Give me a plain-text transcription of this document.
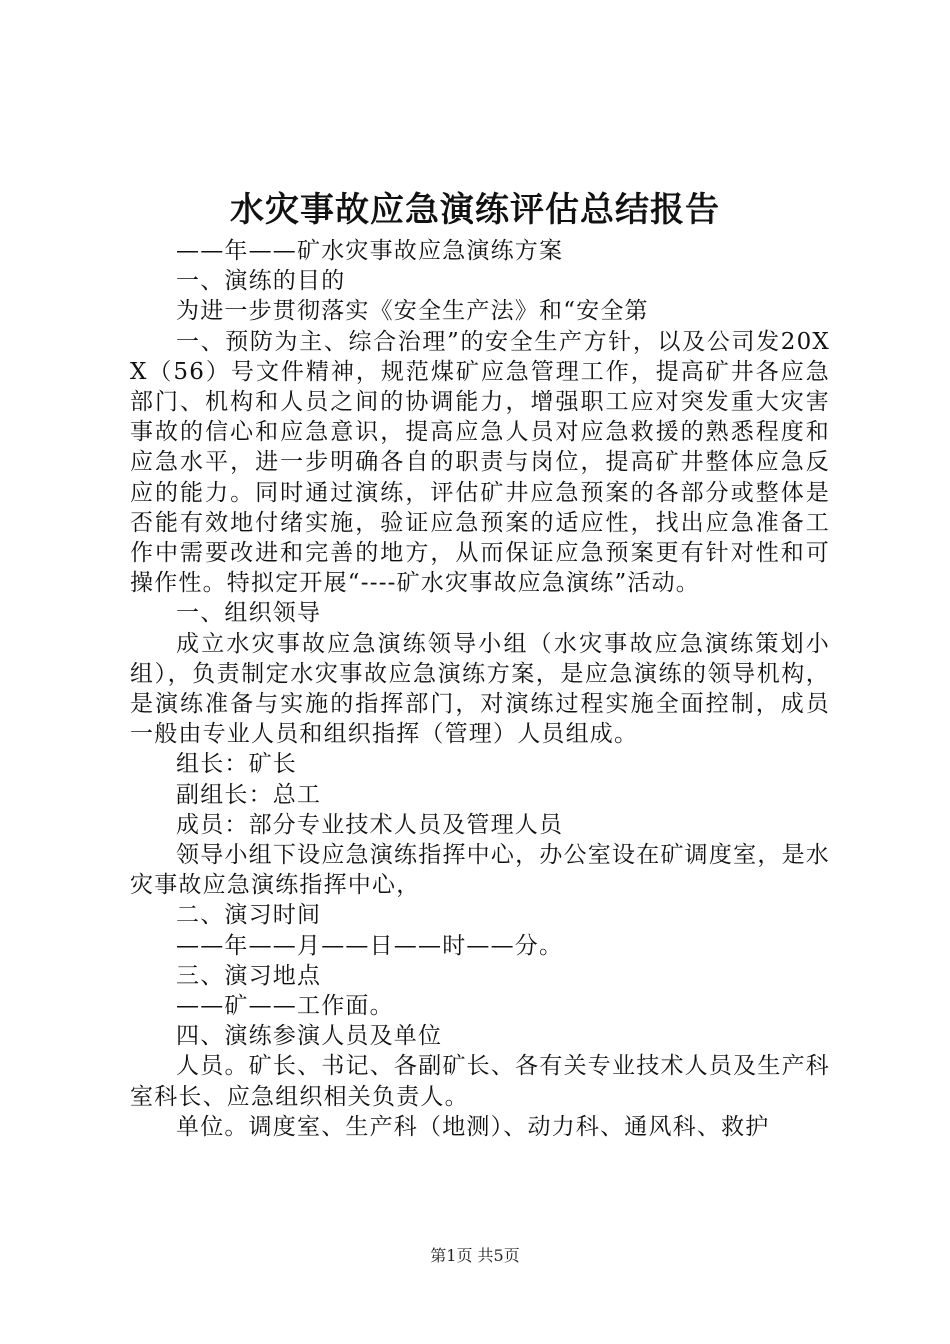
水灾事故应急演练评估总结报告

——年——矿水灾事故应急演练方案

一、演练的目的

为进一步贯彻落实《安全生产法》和“安全第

一、预防为主、综合治理”的安全生产方针，以及公司发20XX（56）号文件精神，规范煤矿应急管理工作，提高矿井各应急部门、机构和人员之间的协调能力，增强职工应对突发重大灾害事故的信心和应急意识，提高应急人员对应急救援的熟悉程度和应急水平，进一步明确各自的职责与岗位，提高矿井整体应急反应的能力。同时通过演练，评估矿井应急预案的各部分或整体是否能有效地付绪实施，验证应急预案的适应性，找出应急准备工作中需要改进和完善的地方，从而保证应急预案更有针对性和可操作性。特拟定开展“----矿水灾事故应急演练”活动。

一、组织领导

成立水灾事故应急演练领导小组（水灾事故应急演练策划小组），负责制定水灾事故应急演练方案，是应急演练的领导机构，是演练准备与实施的指挥部门，对演练过程实施全面控制，成员一般由专业人员和组织指挥（管理）人员组成。

组长：矿长

副组长：总工

成员：部分专业技术人员及管理人员

领导小组下设应急演练指挥中心，办公室设在矿调度室，是水灾事故应急演练指挥中心，

二、演习时间

——年——月——日——时——分。

三、演习地点

——矿——工作面。

四、演练参演人员及单位

人员。矿长、书记、各副矿长、各有关专业技术人员及生产科室科长、应急组织相关负责人。

单位。调度室、生产科（地测）、动力科、通风科、救护

第1页 共5页
